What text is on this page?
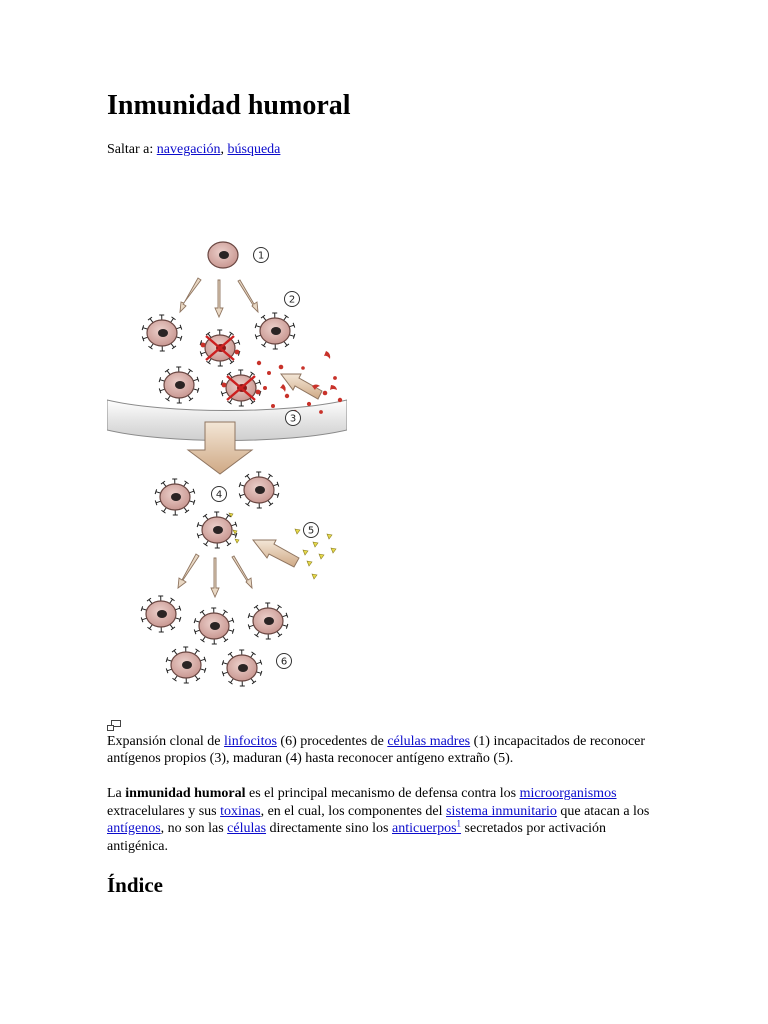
Inmunidad humoral

Saltar a: navegación, búsqueda

1
2
3
4
5
6

Expansión clonal de linfocitos (6) procedentes de células madres (1) incapacitados de reconocer antígenos propios (3), maduran (4) hasta reconocer antígeno extraño (5).

La inmunidad humoral es el principal mecanismo de defensa contra los microorganismos extracelulares y sus toxinas, en el cual, los componentes del sistema inmunitario que atacan a los antígenos, no son las células directamente sino los anticuerpos$^1$ secretados por activación antigénica.

Índice
